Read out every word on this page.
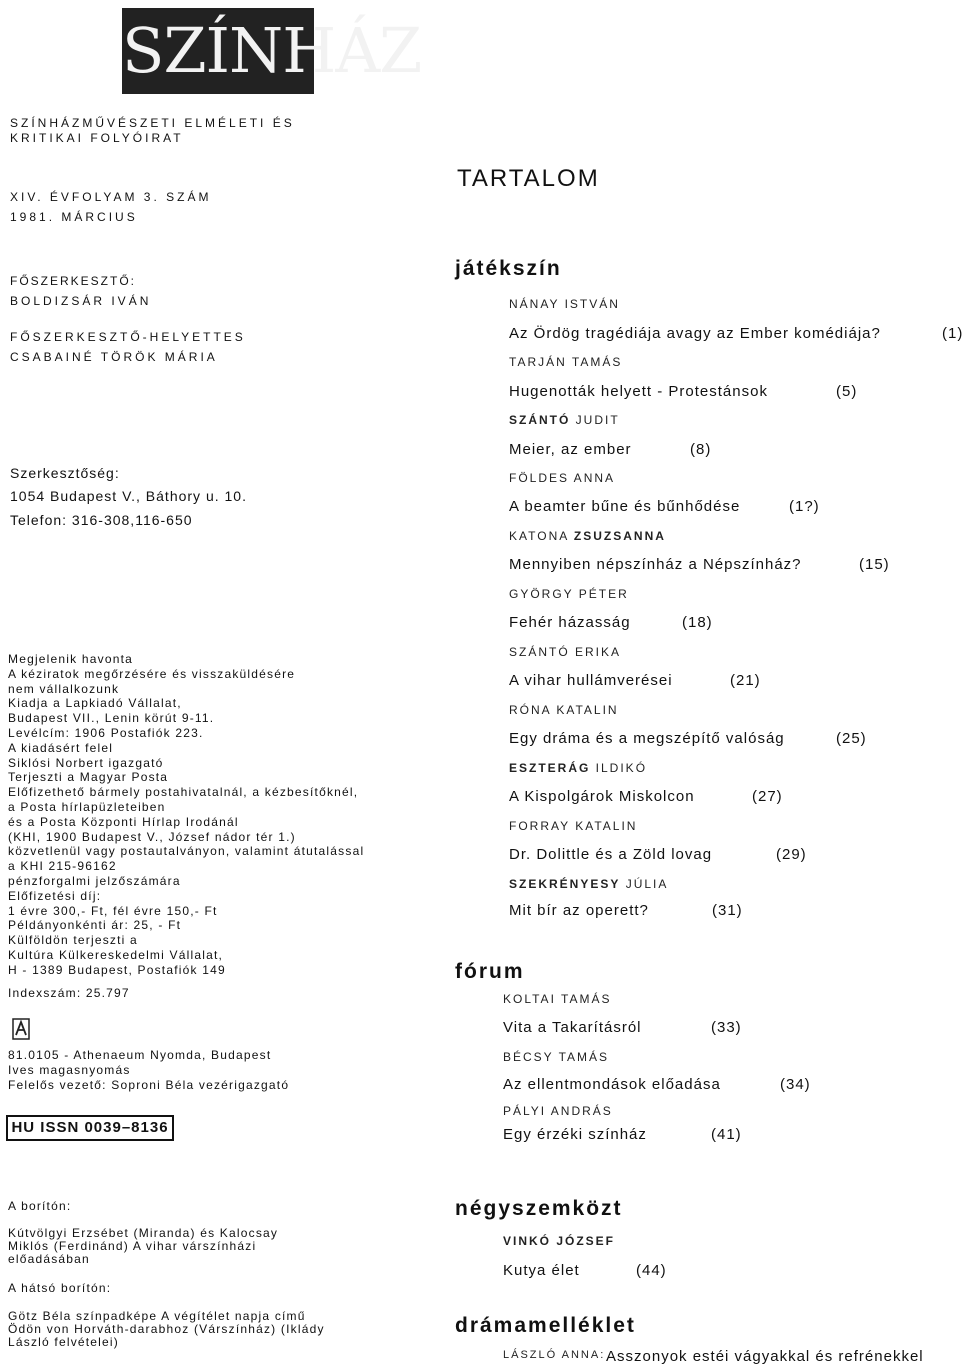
SZÍNHÁZ
SZÍNHÁZMŰVÉSZETI ELMÉLETI ÉS
KRITIKAI FOLYÓIRAT
XIV. ÉVFOLYAM 3. SZÁM
1981. MÁRCIUS
FŐSZERKESZTŐ:
BOLDIZSÁR IVÁN
FŐSZERKESZTŐ-HELYETTES
CSABAINÉ TÖRÖK MÁRIA
Szerkesztőség:
1054 Budapest V., Báthory u. 10.
Telefon: 316-308,116-650
Megjelenik havonta
A kéziratok megőrzésére és visszaküldésére
nem vállalkozunk
Kiadja a Lapkiadó Vállalat,
Budapest VII., Lenin körút 9-11.
Levélcím: 1906 Postafiók 223.
A kiadásért felel
Siklósi Norbert igazgató
Terjeszti a Magyar Posta
Előfizethető bármely postahivatalnál, a kézbesítőknél,
a Posta hírlapüzleteiben
és a Posta Központi Hírlap Irodánál
(KHI, 1900 Budapest V., József nádor tér 1.)
közvetlenül vagy postautalványon, valamint átutalással
a KHI 215-96162
pénzforgalmi jelzőszámára
Előfizetési díj:
1 évre 300,- Ft, fél évre 150,- Ft
Példányonkénti ár: 25, - Ft
Külföldön terjeszti a
Kultúra Külkereskedelmi Vállalat,
H - 1389 Budapest, Postafiók 149
Indexszám: 25.797
81.0105 - Athenaeum Nyomda, Budapest
Ives magasnyomás
Felelős vezető: Soproni Béla vezérigazgató
HU ISSN 0039–8136
A borítón:
Kútvölgyi Erzsébet (Miranda) és Kalocsay
Miklós (Ferdinánd) A vihar várszínházi
előadásában
A hátsó borítón:
Götz Béla színpadképe A végítélet napja című
Ödön von Horváth-darabhoz (Várszínház) (Iklády
László felvételei)
TARTALOM
játékszín
fórum
négyszemközt
drámamelléklet
NÁNAY ISTVÁN
Az Ördög tragédiája avagy az Ember komédiája?	(1)
TARJÁN TAMÁS
Hugenották helyett - Protestánsok	(5)
SZÁNTÓ JUDIT
Meier, az ember	(8)
FÖLDES ANNA
A beamter bűne és bűnhődése	(1?)
KATONA ZSUZSANNA
Mennyiben népszínház a Népszínház?	(15)
GYÖRGY PÉTER
Fehér házasság	(18)
SZÁNTÓ ERIKA
A vihar hullámverései	(21)
RÓNA KATALIN
Egy dráma és a megszépítő valóság	(25)
ESZTERÁG ILDIKÓ
A Kispolgárok Miskolcon	(27)
FORRAY KATALIN
Dr. Dolittle és a Zöld lovag	(29)
SZEKRÉNYESY JÚLIA
Mit bír az operett?	(31)
KOLTAI TAMÁS
Vita a Takarításról	(33)
BÉCSY TAMÁS
Az ellentmondások előadása	(34)
PÁLYI ANDRÁS
Egy érzéki színház	(41)
VINKÓ JÓZSEF
Kutya élet	(44)
LÁSZLÓ ANNA: Asszonyok estéi vágyakkal és refrénekkel
